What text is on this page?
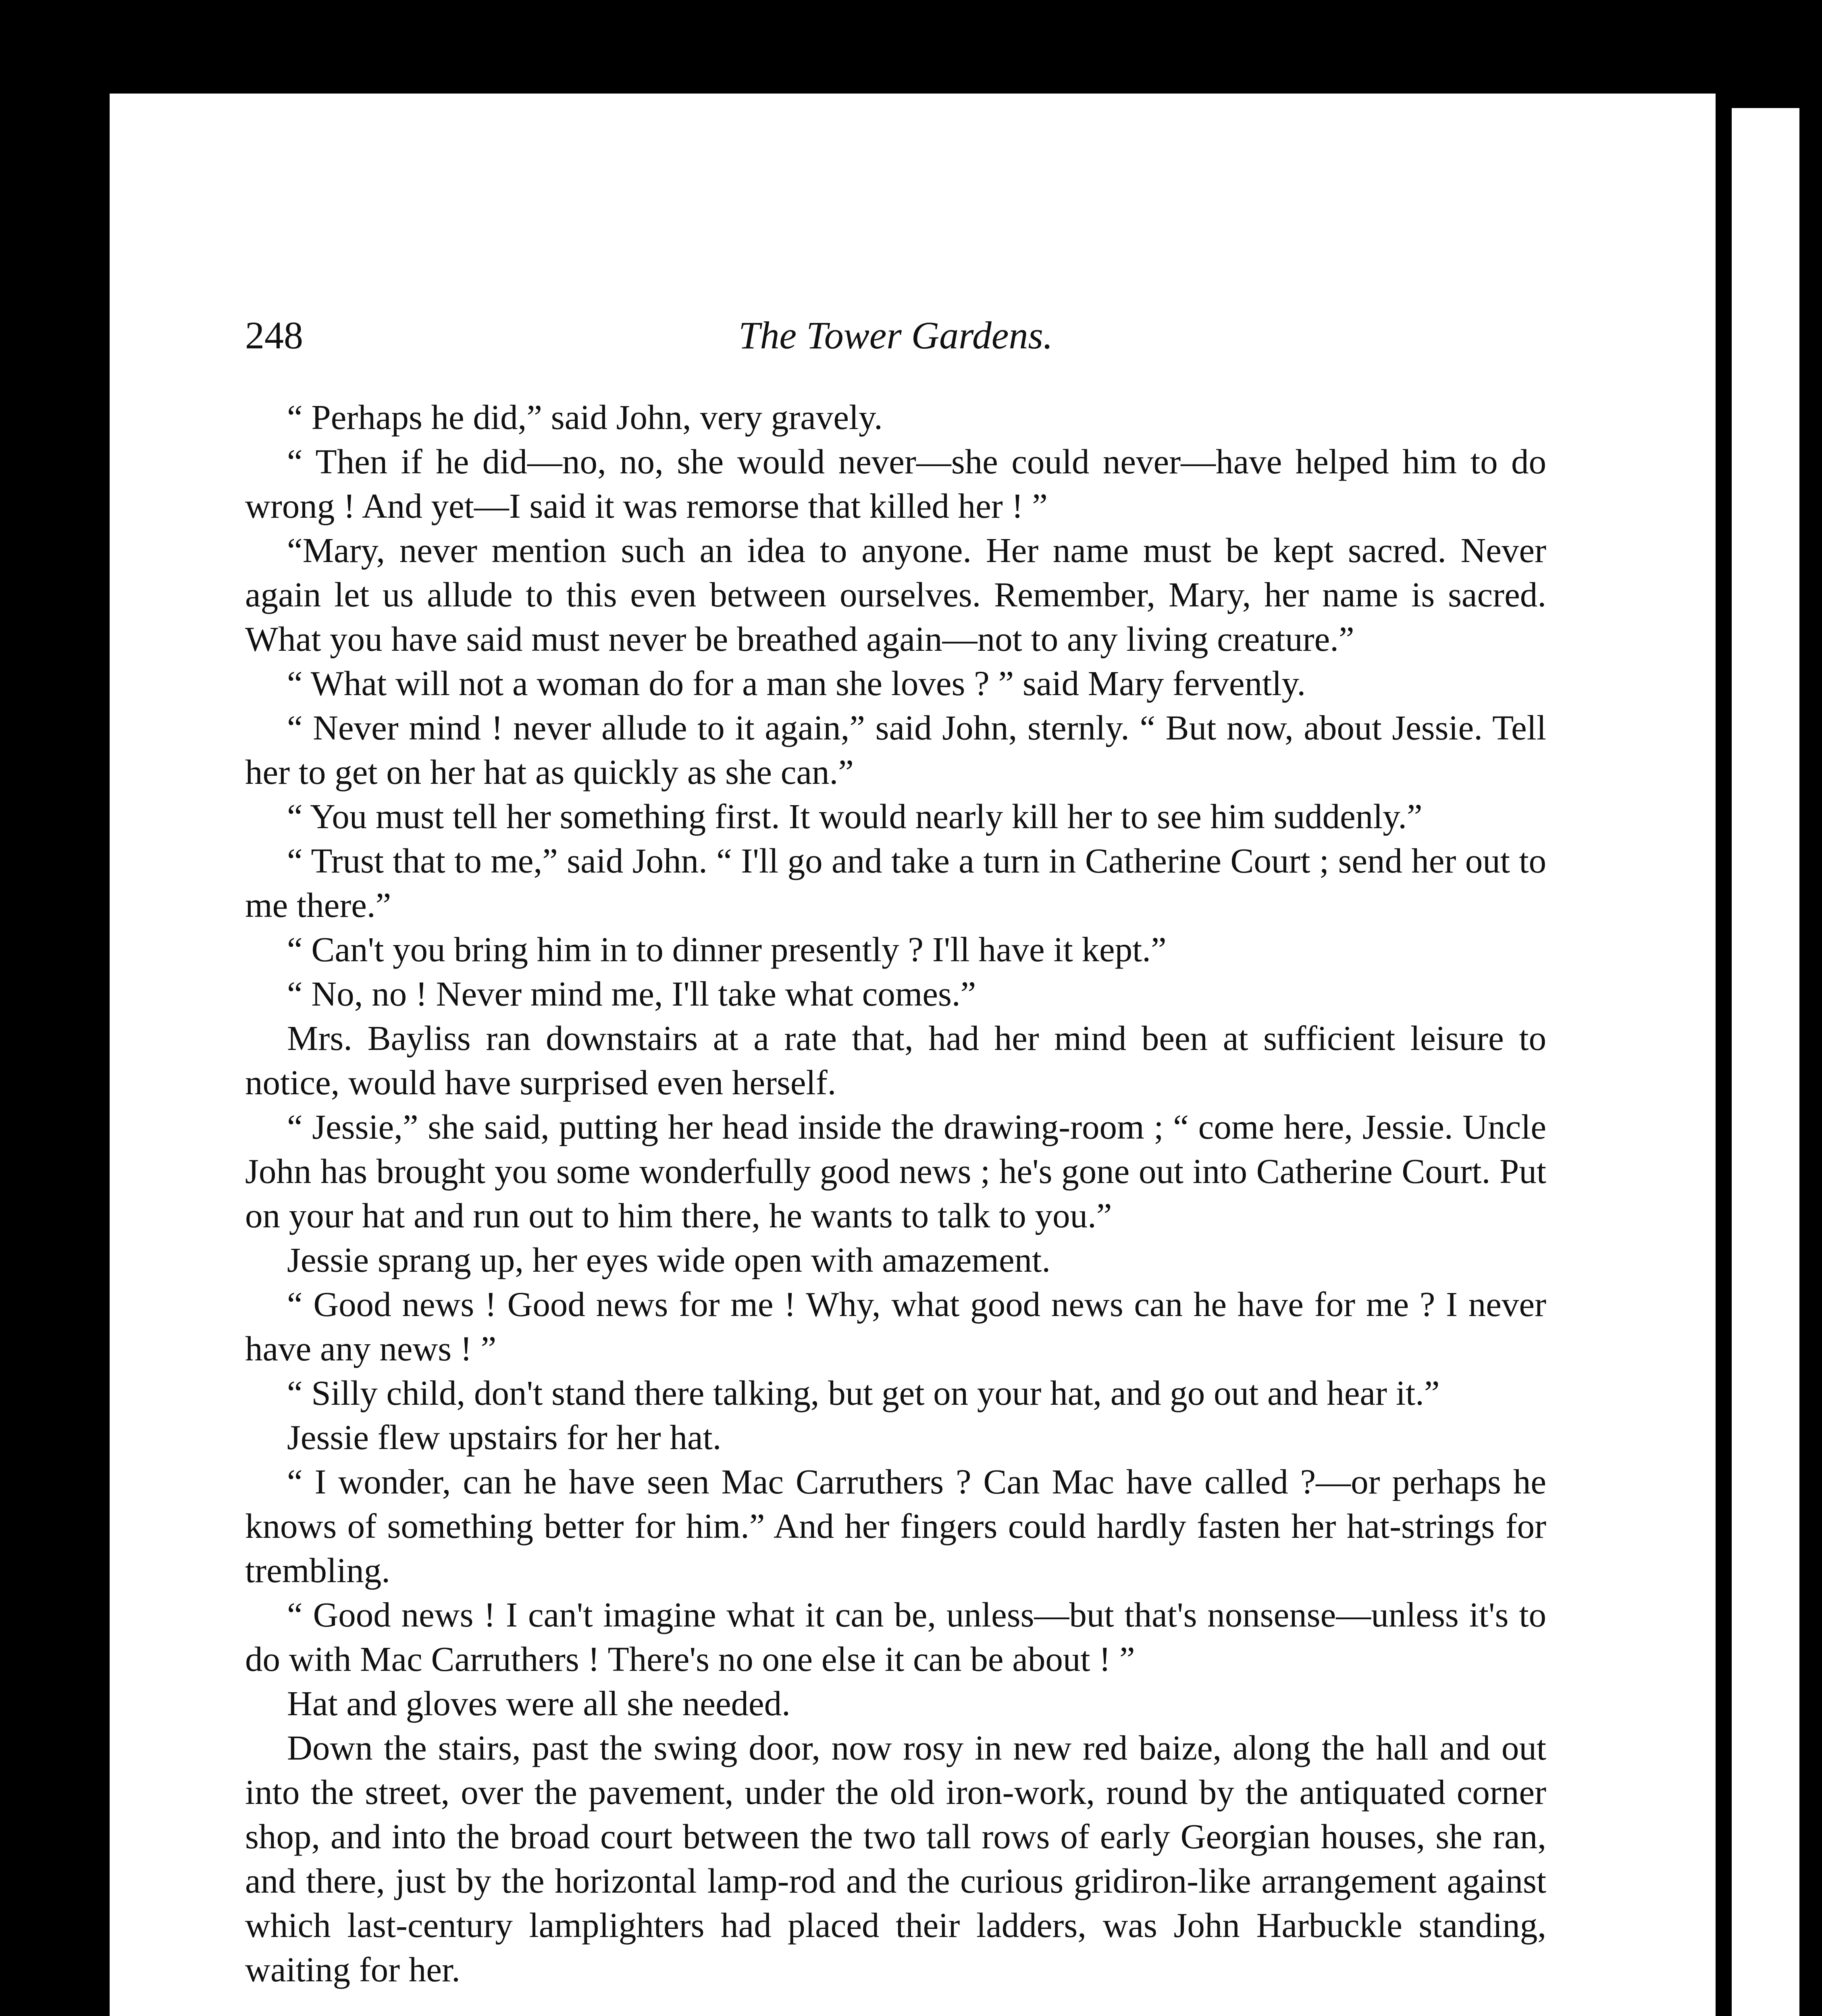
248	The Tower Gardens.

“ Perhaps he did,” said John, very gravely.

“ Then if he did—no, no, she would never—she could never—have helped him to do wrong ! And yet—I said it was remorse that killed her ! ”

“Mary, never mention such an idea to anyone. Her name must be kept sacred. Never again let us allude to this even between ourselves. Remember, Mary, her name is sacred. What you have said must never be breathed again—not to any living creature.”

“ What will not a woman do for a man she loves ? ” said Mary fervently.

“ Never mind ! never allude to it again,” said John, sternly. “ But now, about Jessie. Tell her to get on her hat as quickly as she can.”

“ You must tell her something first. It would nearly kill her to see him suddenly.”

“ Trust that to me,” said John. “ I'll go and take a turn in Catherine Court ; send her out to me there.”

“ Can't you bring him in to dinner presently ? I'll have it kept.”

“ No, no ! Never mind me, I'll take what comes.”

Mrs. Bayliss ran downstairs at a rate that, had her mind been at sufficient leisure to notice, would have surprised even herself.

“ Jessie,” she said, putting her head inside the drawing-room ; “ come here, Jessie. Uncle John has brought you some wonderfully good news ; he's gone out into Catherine Court. Put on your hat and run out to him there, he wants to talk to you.”

Jessie sprang up, her eyes wide open with amazement.

“ Good news ! Good news for me ! Why, what good news can he have for me ? I never have any news ! ”

“ Silly child, don't stand there talking, but get on your hat, and go out and hear it.”

Jessie flew upstairs for her hat.

“ I wonder, can he have seen Mac Carruthers ? Can Mac have called ?—or perhaps he knows of something better for him.” And her fingers could hardly fasten her hat-strings for trembling.

“ Good news ! I can't imagine what it can be, unless—but that's nonsense—unless it's to do with Mac Carruthers ! There's no one else it can be about ! ”

Hat and gloves were all she needed.

Down the stairs, past the swing door, now rosy in new red baize, along the hall and out into the street, over the pavement, under the old iron-work, round by the antiquated corner shop, and into the broad court between the two tall rows of early Georgian houses, she ran, and there, just by the horizontal lamp-rod and the curious gridiron-like arrangement against which last-century lamplighters had placed their ladders, was John Harbuckle standing, waiting for her.
